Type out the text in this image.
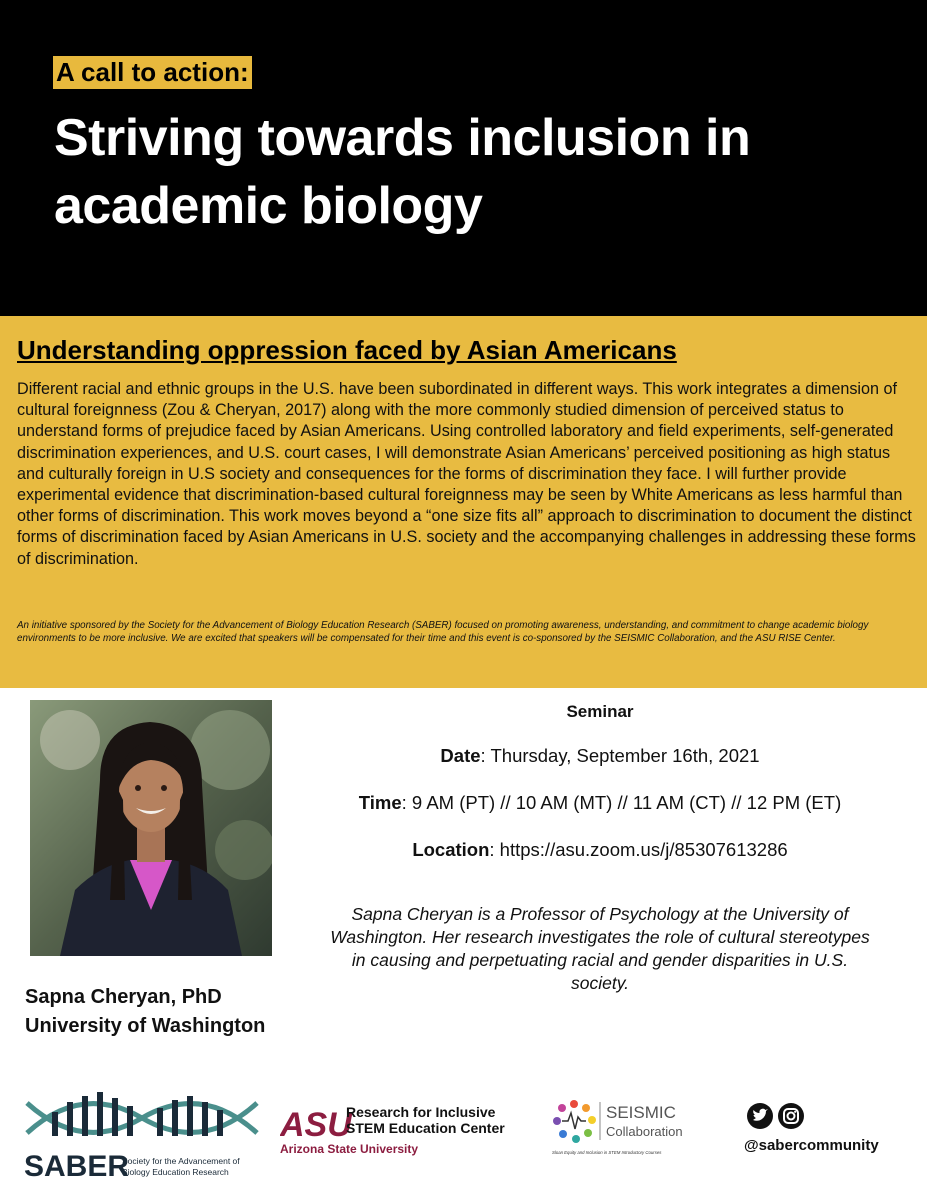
A call to action:
Striving towards inclusion in academic biology
Understanding oppression faced by Asian Americans

Different racial and ethnic groups in the U.S. have been subordinated in different ways. This work integrates a dimension of cultural foreignness (Zou & Cheryan, 2017) along with the more commonly studied dimension of perceived status to understand forms of prejudice faced by Asian Americans. Using controlled laboratory and field experiments, self-generated discrimination experiences, and U.S. court cases, I will demonstrate Asian Americans’ perceived positioning as high status and culturally foreign in U.S society and consequences for the forms of discrimination they face. I will further provide experimental evidence that discrimination-based cultural foreignness may be seen by White Americans as less harmful than other forms of discrimination. This work moves beyond a “one size fits all” approach to discrimination to document the distinct forms of discrimination faced by Asian Americans in U.S. society and the accompanying challenges in addressing these forms of discrimination.

An initiative sponsored by the Society for the Advancement of Biology Education Research (SABER) focused on promoting awareness, understanding, and commitment to change academic biology environments to be more inclusive. We are excited that speakers will be compensated for their time and this event is co-sponsored by the SEISMIC Collaboration, and the ASU RISE Center.

Sapna Cheryan, PhD
University of Washington
Seminar
Date: Thursday, September 16th, 2021
Time: 9 AM (PT) // 10 AM (MT) // 11 AM (CT) // 12 PM (ET)
Location: https://asu.zoom.us/j/85307613286

Sapna Cheryan is a Professor of Psychology at the University of Washington. Her research investigates the role of cultural stereotypes in causing and perpetuating racial and gender disparities in U.S. society.

SABER
Society for the Advancement of
Biology Education Research
ASU
Research for Inclusive
STEM Education Center
Arizona State University
SEISMIC
Collaboration
Sloan Equity and Inclusion in STEM Introductory Courses	@sabercommunity
